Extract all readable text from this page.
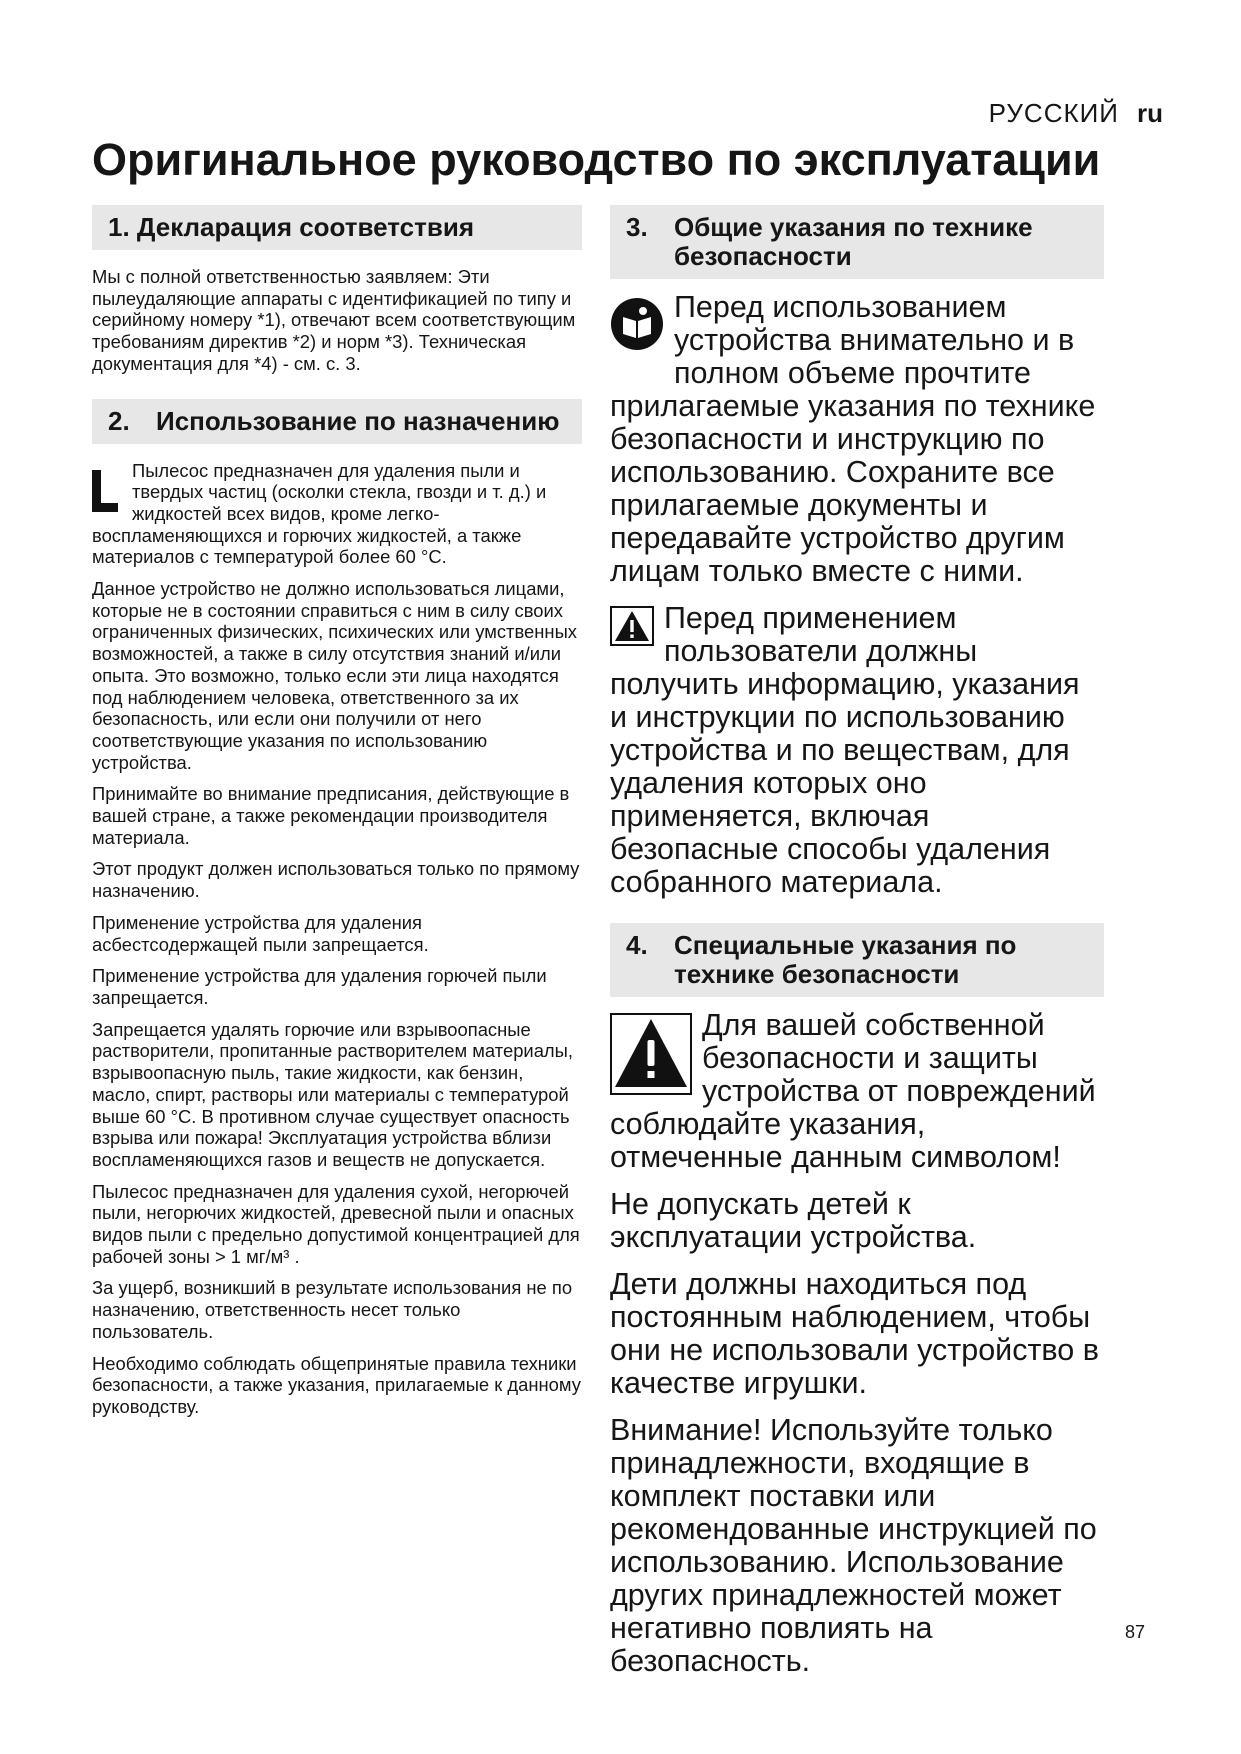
РУССКИЙ ru
Оригинальное руководство по эксплуатации
1. Декларация соответствия

Мы с полной ответственностью заявляем: Эти пылеудаляющие аппараты с идентификацией по типу и серийному номеру *1), отвечают всем соответствующим требованиям директив *2) и норм *3). Техническая документация для *4) - см. с. 3.

2.	Использование по назначению

Пылесос предназначен для удаления пыли и твердых частиц (осколки стекла, гвозди и т. д.) и жидкостей всех видов, кроме легко-воспламеняющихся и горючих жидкостей, а также материалов с температурой более 60 °С.

Данное устройство не должно использоваться лицами, которые не в состоянии справиться с ним в силу своих ограниченных физических, психических или умственных возможностей, а также в силу отсутствия знаний и/или опыта. Это возможно, только если эти лица находятся под наблюдением человека, ответственного за их безопасность, или если они получили от него соответствующие указания по использованию устройства.

Принимайте во внимание предписания, действующие в вашей стране, а также рекомендации производителя материала.

Этот продукт должен использоваться только по прямому назначению.

Применение устройства для удаления асбестсодержащей пыли запрещается.

Применение устройства для удаления горючей пыли запрещается.

Запрещается удалять горючие или взрывоопасные растворители, пропитанные растворителем материалы, взрывоопасную пыль, такие жидкости, как бензин, масло, спирт, растворы или материалы с температурой выше 60 °С. В противном случае существует опасность взрыва или пожара! Эксплуатация устройства вблизи воспламеняющихся газов и веществ не допускается.

Пылесос предназначен для удаления сухой, негорючей пыли, негорючих жидкостей, древесной пыли и опасных видов пыли с предельно допустимой концентрацией для рабочей зоны > 1 мг/м³ .

За ущерб, возникший в результате использования не по назначению, ответственность несет только пользователь.

Необходимо соблюдать общепринятые правила техники безопасности, а также указания, прилагаемые к данному руководству.

3.	Общие указания по технике безопасности

Перед использованием устройства внимательно и в полном объеме прочтите прилагаемые указания по технике безопасности и инструкцию по использованию. Сохраните все прилагаемые документы и передавайте устройство другим лицам только вместе с ними.

Перед применением пользователи должны получить информацию, указания и инструкции по использованию устройства и по веществам, для удаления которых оно применяется, включая безопасные способы удаления собранного материала.

4.	Специальные указания по технике безопасности

Для вашей собственной безопасности и защиты устройства от повреждений соблюдайте указания, отмеченные данным символом!

Не допускать детей к эксплуатации устройства.

Дети должны находиться под постоянным наблюдением, чтобы они не использовали устройство в качестве игрушки.

Внимание! Используйте только принадлежности, входящие в комплект поставки или рекомендованные инструкцией по использованию. Использование других принадлежностей может негативно повлиять на безопасность.

87
